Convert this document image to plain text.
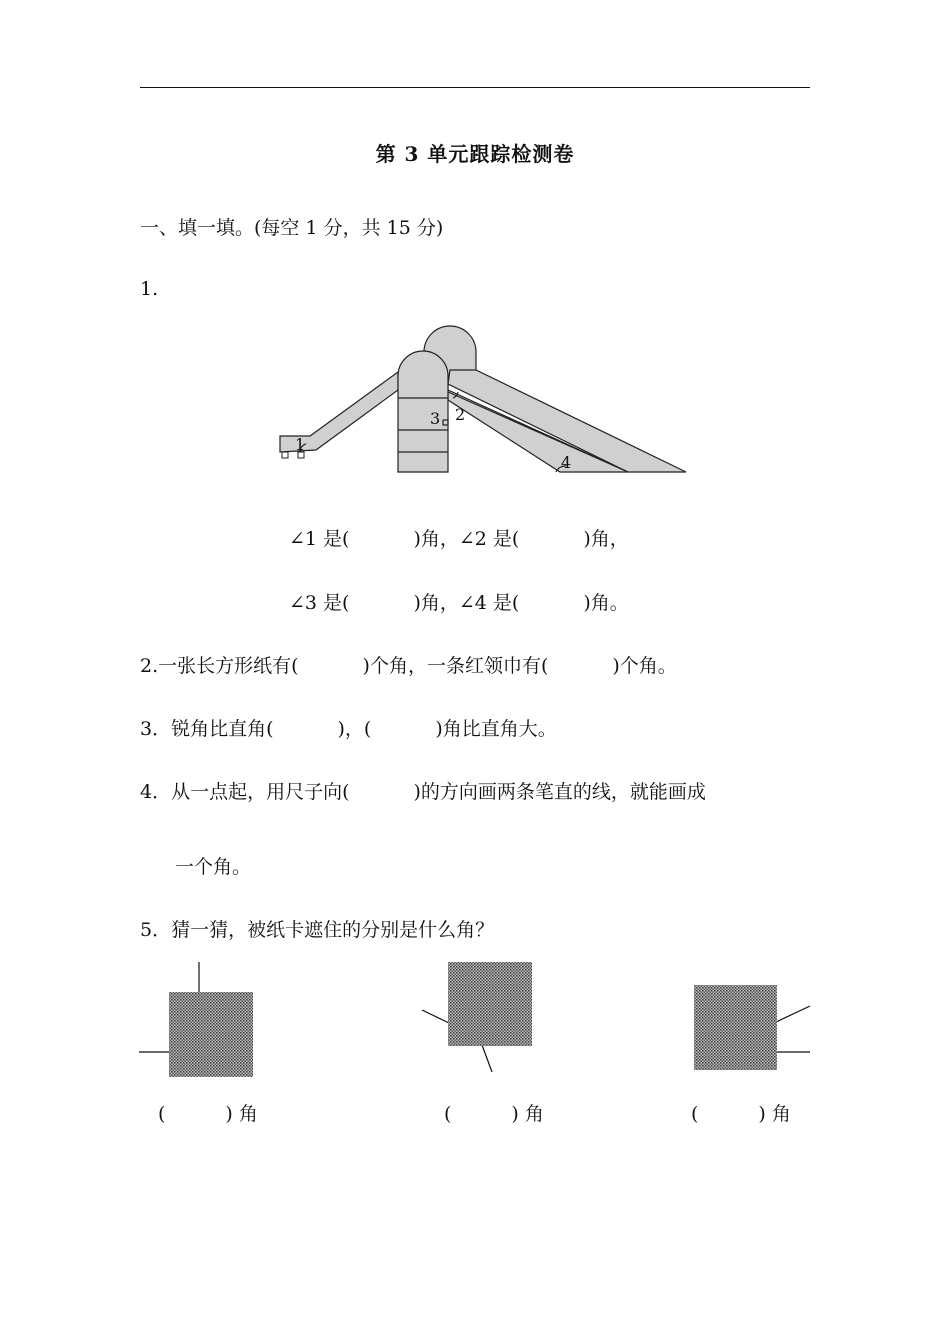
第 3 单元跟踪检测卷
一、填一填。(每空 1 分，共 15 分)
1.
1
2
3
4
∠1 是(	)角，∠2 是(	)角，
∠3 是(	)角，∠4 是(	)角。
2.一张长方形纸有(	)个角，一条红领巾有(	)个角。
3．锐角比直角(	)，(	)角比直角大。
4．从一点起，用尺子向(	)的方向画两条笔直的线，就能画成
一个角。
5．猜一猜，被纸卡遮住的分别是什么角？
(	) 角	(	) 角	(	) 角
